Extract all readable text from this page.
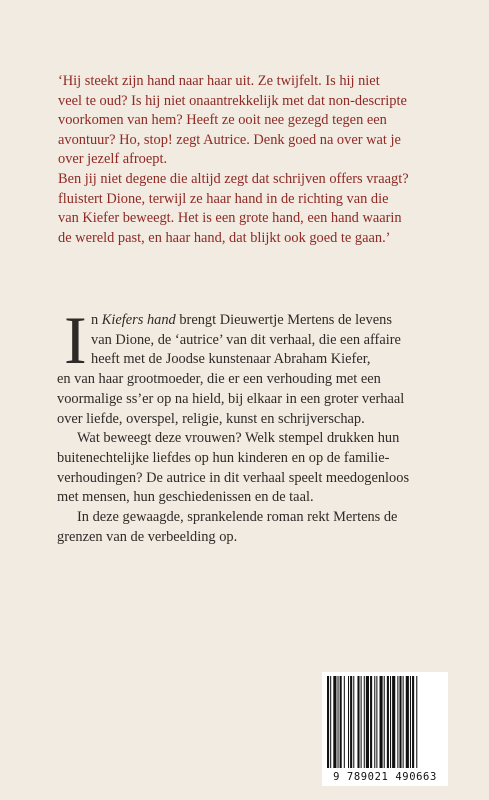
‘Hij steekt zijn hand naar haar uit. Ze twijfelt. Is hij niet
veel te oud? Is hij niet onaantrekkelijk met dat non-descripte
voorkomen van hem? Heeft ze ooit nee gezegd tegen een
avontuur? Ho, stop! zegt Autrice. Denk goed na over wat je
over jezelf afroept.
Ben jij niet degene die altijd zegt dat schrijven offers vraagt?
fluistert Dione, terwijl ze haar hand in de richting van die
van Kiefer beweegt. Het is een grote hand, een hand waarin
de wereld past, en haar hand, dat blijkt ook goed te gaan.’
I n Kiefers hand brengt Dieuwertje Mertens de levens
van Dione, de ‘autrice’ van dit verhaal, die een affaire
heeft met de Joodse kunstenaar Abraham Kiefer,
en van haar grootmoeder, die er een verhouding met een
voormalige ss’er op na hield, bij elkaar in een groter verhaal
over liefde, overspel, religie, kunst en schrijverschap.
Wat beweegt deze vrouwen? Welk stempel drukken hun
buitenechtelijke liefdes op hun kinderen en op de familie-
verhoudingen? De autrice in dit verhaal speelt meedogenloos
met mensen, hun geschiedenissen en de taal.
In deze gewaagde, sprankelende roman rekt Mertens de
grenzen van de verbeelding op.
9 789021 490663
